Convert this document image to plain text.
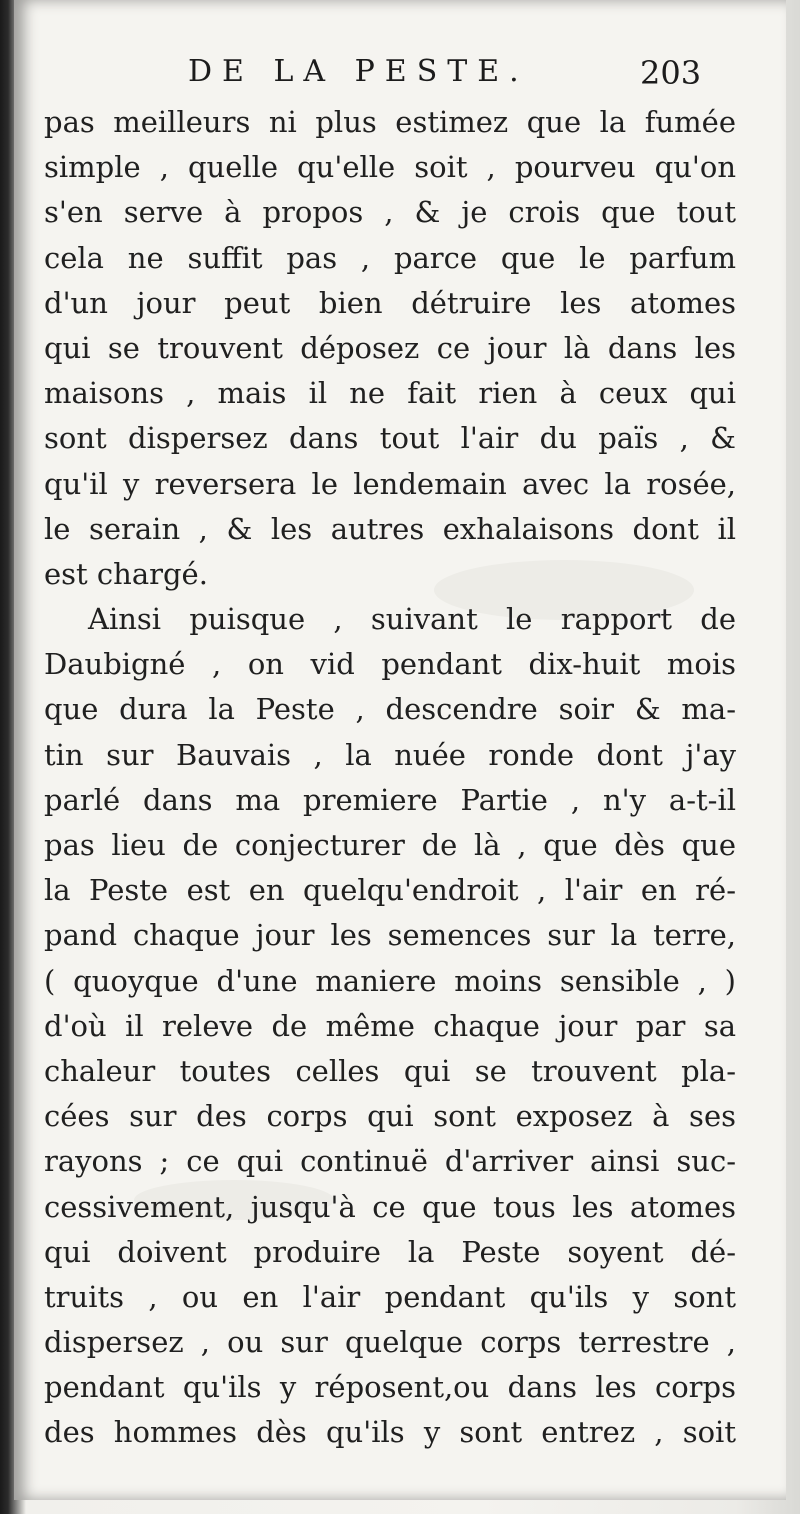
DE LA PESTE.	203
pas meilleurs ni plus estimez que la fumée
simple , quelle qu'elle soit , pourveu qu'on
s'en serve à propos , & je crois que tout
cela ne suffit pas , parce que le parfum
d'un jour peut bien détruire les atomes
qui se trouvent déposez ce jour là dans les
maisons , mais il ne fait rien à ceux qui
sont dispersez dans tout l'air du païs , &
qu'il y reversera le lendemain avec la rosée,
le serain , & les autres exhalaisons dont il
est chargé.
Ainsi puisque , suivant le rapport de
Daubigné , on vid pendant dix-huit mois
que dura la Peste , descendre soir & ma-
tin sur Bauvais , la nuée ronde dont j'ay
parlé dans ma premiere Partie , n'y a-t-il
pas lieu de conjecturer de là , que dès que
la Peste est en quelqu'endroit , l'air en ré-
pand chaque jour les semences sur la terre,
( quoyque d'une maniere moins sensible , )
d'où il releve de même chaque jour par sa
chaleur toutes celles qui se trouvent pla-
cées sur des corps qui sont exposez à ses
rayons ; ce qui continuë d'arriver ainsi suc-
cessivement, jusqu'à ce que tous les atomes
qui doivent produire la Peste soyent dé-
truits , ou en l'air pendant qu'ils y sont
dispersez , ou sur quelque corps terrestre ,
pendant qu'ils y réposent,ou dans les corps
des hommes dès qu'ils y sont entrez , soit
